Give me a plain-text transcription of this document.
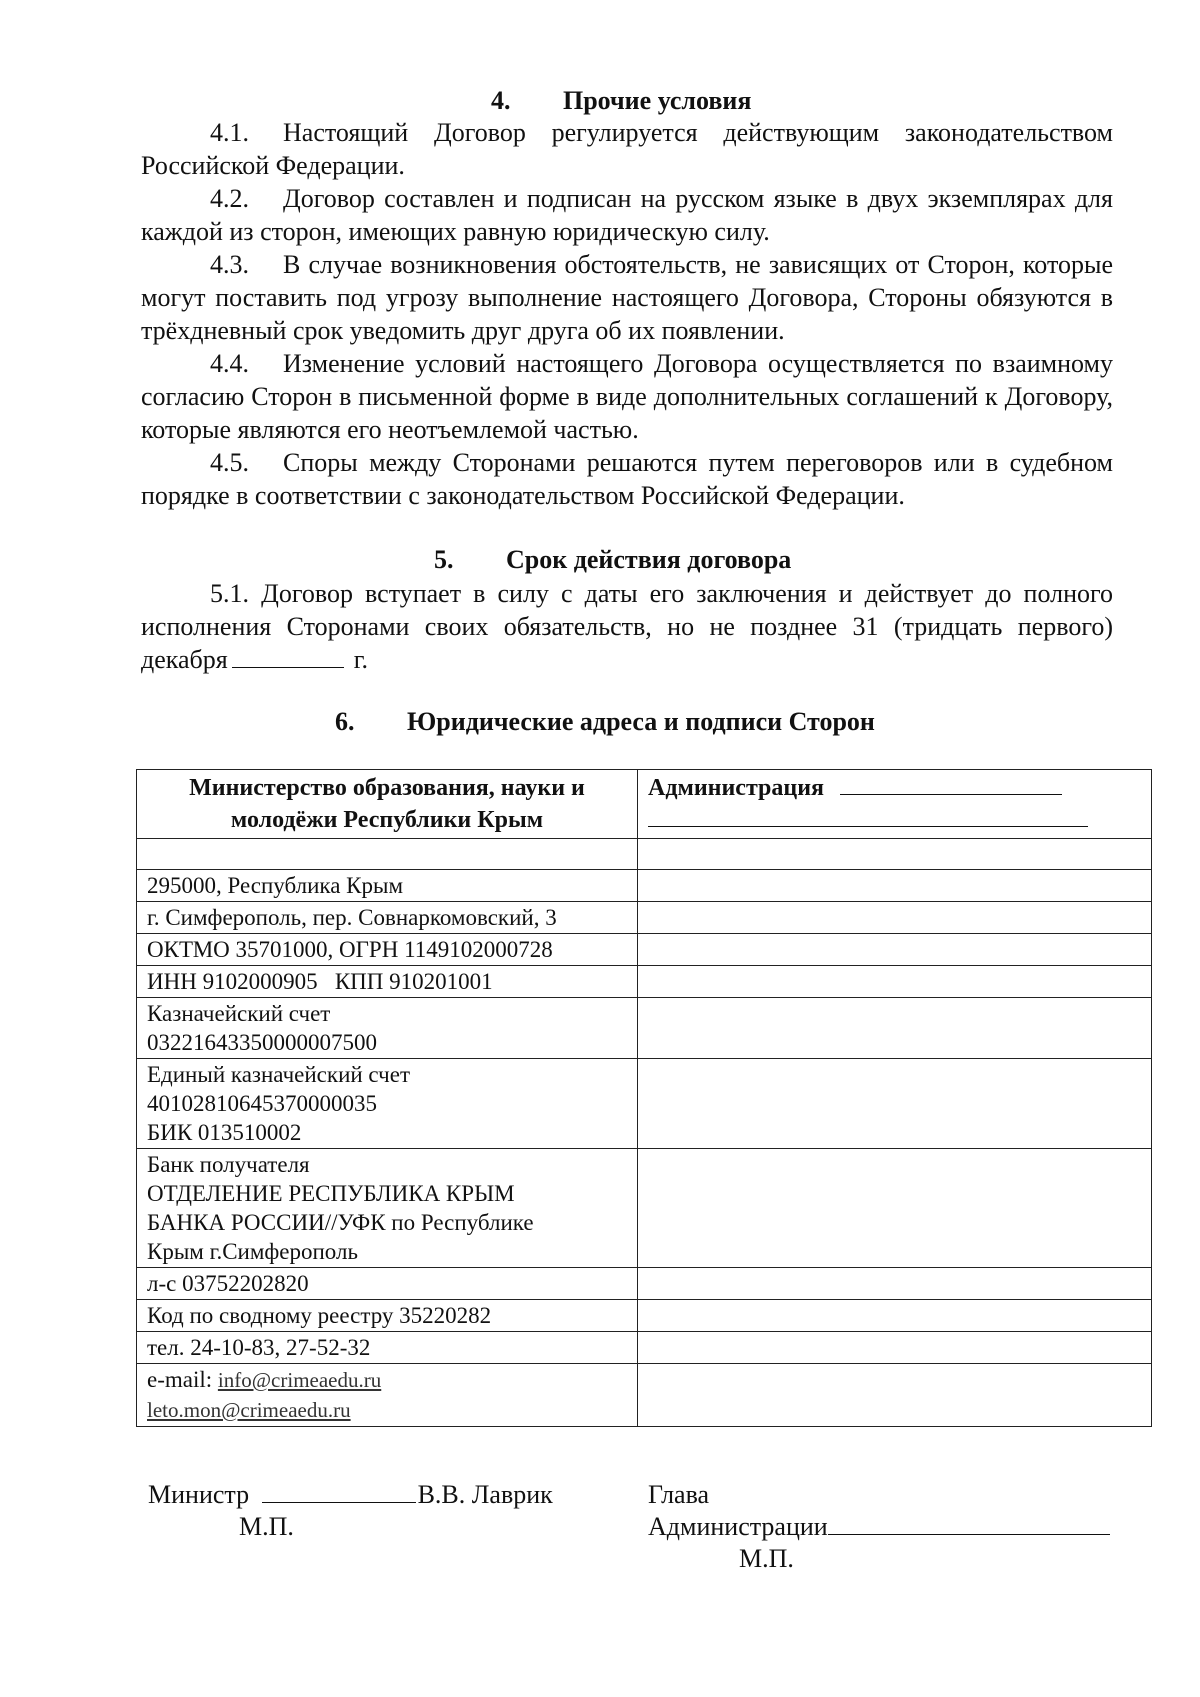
4. Прочие условия
4.1. Настоящий Договор регулируется действующим законодательством Российской Федерации.
4.2. Договор составлен и подписан на русском языке в двух экземплярах для каждой из сторон, имеющих равную юридическую силу.
4.3. В случае возникновения обстоятельств, не зависящих от Сторон, которые могут поставить под угрозу выполнение настоящего Договора, Стороны обязуются в трёхдневный срок уведомить друг друга об их появлении.
4.4. Изменение условий настоящего Договора осуществляется по взаимному согласию Сторон в письменной форме в виде дополнительных соглашений к Договору, которые являются его неотъемлемой частью.
4.5. Споры между Сторонами решаются путем переговоров или в судебном порядке в соответствии с законодательством Российской Федерации.
5. Срок действия договора
5.1. Договор вступает в силу с даты его заключения и действует до полного исполнения Сторонами своих обязательств, но не позднее 31 (тридцать первого) декабря	г.
6. Юридические адреса и подписи Сторон
Министерство образования, науки и молодёжи Республики Крым	Администрация

295000, Республика Крым	
г. Симферополь, пер. Совнаркомовский, 3	
ОКТМО 35701000, ОГРН 1149102000728	
ИНН 9102000905 КПП 910201001	
Казначейский счет
03221643350000007500	
Единый казначейский счет
40102810645370000035
БИК 013510002	
Банк получателя
ОТДЕЛЕНИЕ РЕСПУБЛИКА КРЫМ
БАНКА РОССИИ//УФК по Республике
Крым г.Симферополь	
л-с 03752202820	
Код по сводному реестру 35220282	
тел. 24-10-83, 27-52-32	
e-mail: info@crimeaedu.ru
leto.mon@crimeaedu.ru	
Министр	В.В. Лаврик
М.П.
Глава
Администрации
М.П.
